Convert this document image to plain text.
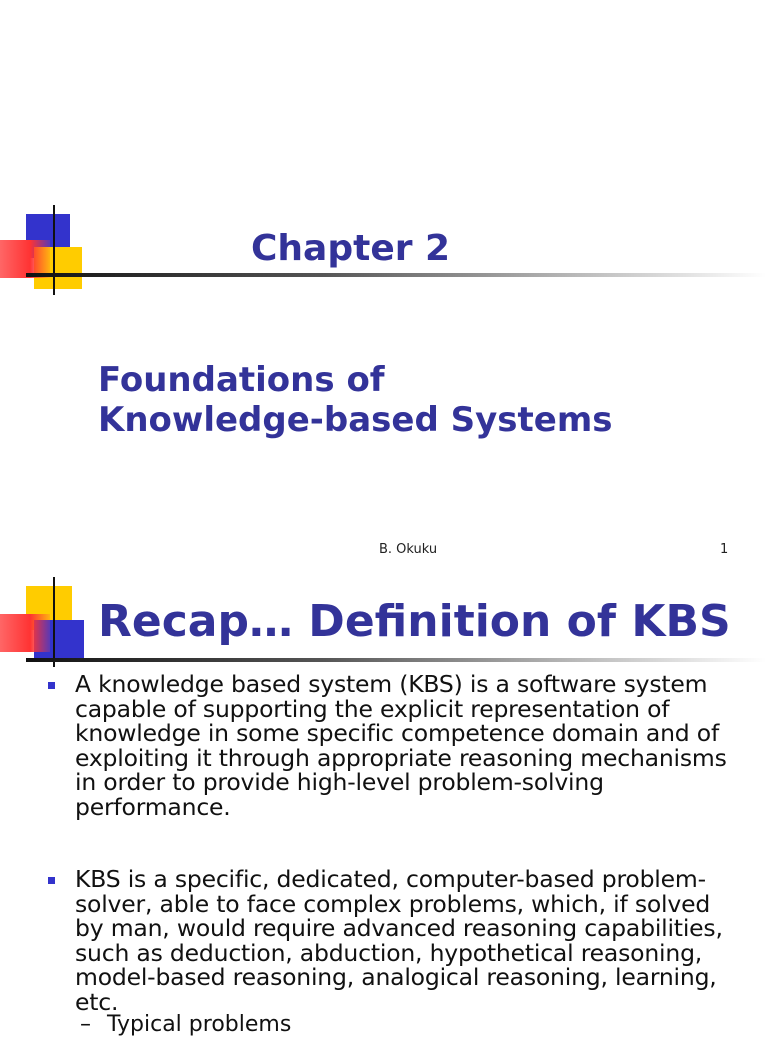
Chapter 2
Foundations of
Knowledge-based Systems
B. Okuku	1
Recap… Definition of KBS
A knowledge based system (KBS) is a software system capable of supporting the explicit representation of knowledge in some specific competence domain and of exploiting it through appropriate reasoning mechanisms in order to provide high-level problem-solving performance.
KBS is a specific, dedicated, computer-based problem-solver, able to face complex problems, which, if solved by man, would require advanced reasoning capabilities, such as deduction, abduction, hypothetical reasoning, model-based reasoning, analogical reasoning, learning, etc.
– Typical problems
